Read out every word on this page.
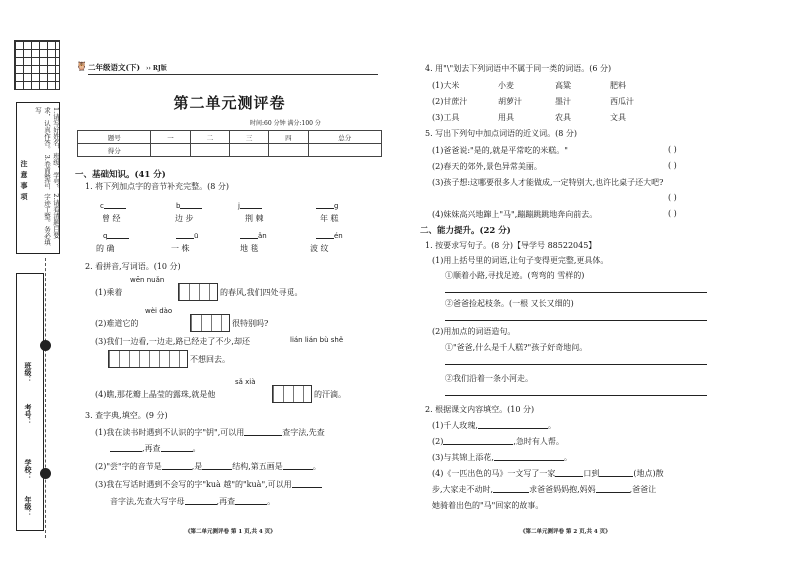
注意事项
1.请写好姓名，班级，学号。 2.请看清题目要求，认真作答。 3.卷面整洁，字迹工整。务必填写
班级：
考号：
学校：
年级：
🦉 二年级语文(下) ›› RJ版
第二单元测评卷
时间:60 分钟 满分:100 分
题号	一	二	三	四	总分
得分					
一、基础知识。(41 分)
1. 将下列加点字的音节补充完整。(8 分)
c	b	j	g
曾 经	边 步	荆 棘	年 糕
q	ū	ǎn	én
的 确	一 株	地 毯	波 纹
2. 看拼音,写词语。(10 分)
wēn nuǎn
(1)乘着	的春风,我们四处寻觅。
wèi dào
(2)难道它的	很特别吗?
(3)我们一边看,一边走,路已经走了不少,却还	lián lián bù shě
不想回去。
sǎ xià
(4)瞧,那花瓣上晶莹的露珠,就是他	的汗滴。
3. 查字典,填空。(9 分)
(1)我在读书时遇到不认识的字"钥",可以用	查字法,先查
,再查	。
(2)"尝"字的音节是	,是	结构,第五画是	。
(3)我在写话时遇到不会写的字"kuà 越"的"kuà",可以用
音字法,先查大写字母	,再查	。
《第二单元测评卷 第 1 页,共 4 页》
4. 用"\"划去下列词语中不属于同一类的词语。(6 分)
(1)大米	小麦	高粱	肥料
(2)甘蔗汁	胡萝汁	墨汁	西瓜汁
(3)工具	用具	农具	文具
5. 写出下列句中加点词语的近义词。(8 分)
(1)爸爸说:"是的,就是平常吃的米糕。"	( )
(2)春天的郊外,景色异常美丽。	( )
(3)孩子想:这哪要很多人才能做成,一定特别大,也许比桌子还大吧?
( )
(4)妹妹高兴地蹿上"马",蹦蹦跳跳地奔向前去。	( )
二、能力提升。(22 分)
1. 按要求写句子。(8 分)【导学号 88522045】
(1)用上括号里的词语,让句子变得更完整,更具体。
①顺着小路,寻找足迹。(弯弯的 雪样的)
②爸爸捡起枝条。(一根 又长又细的)
(2)用加点的词语造句。
①"爸爸,什么是千人糕?"孩子好奇地问。
②我们沿着一条小河走。
2. 根据课文内容填空。(10 分)
(1)千人玫瑰,	。
(2)	,急时有人帮。
(3)与其锦上添花,	。
(4)《一匹出色的马》一文写了一家	口到	(地点)散
步,大家走不动时,	求爸爸妈妈抱,妈妈	,爸爸让
她骑着出色的"马"回家的故事。
《第二单元测评卷 第 2 页,共 4 页》
